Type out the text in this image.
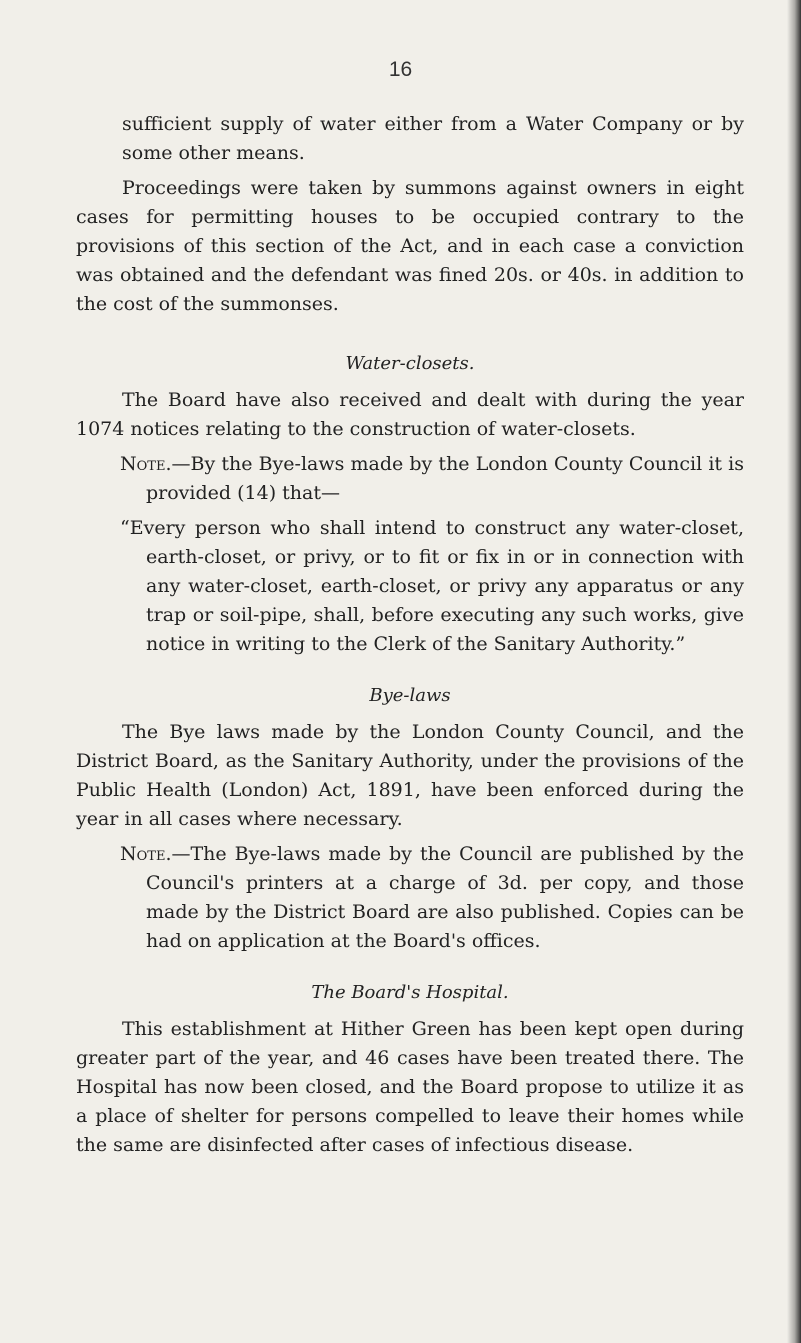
16

sufficient supply of water either from a Water Company or by some other means.

Proceedings were taken by summons against owners in eight cases for permitting houses to be occupied contrary to the provisions of this section of the Act, and in each case a conviction was obtained and the defendant was fined 20s. or 40s. in addition to the cost of the summonses.

Water-closets.

The Board have also received and dealt with during the year 1074 notices relating to the construction of water-closets.

Note.—By the Bye-laws made by the London County Council it is provided (14) that—

“Every person who shall intend to construct any water-closet, earth-closet, or privy, or to fit or fix in or in connection with any water-closet, earth-closet, or privy any apparatus or any trap or soil-pipe, shall, before executing any such works, give notice in writing to the Clerk of the Sanitary Authority.”

Bye-laws

The Bye laws made by the London County Council, and the District Board, as the Sanitary Authority, under the provisions of the Public Health (London) Act, 1891, have been enforced during the year in all cases where necessary.

Note.—The Bye-laws made by the Council are published by the Council's printers at a charge of 3d. per copy, and those made by the District Board are also published. Copies can be had on application at the Board's offices.

The Board's Hospital.

This establishment at Hither Green has been kept open during greater part of the year, and 46 cases have been treated there. The Hospital has now been closed, and the Board propose to utilize it as a place of shelter for persons compelled to leave their homes while the same are disinfected after cases of infectious disease.
